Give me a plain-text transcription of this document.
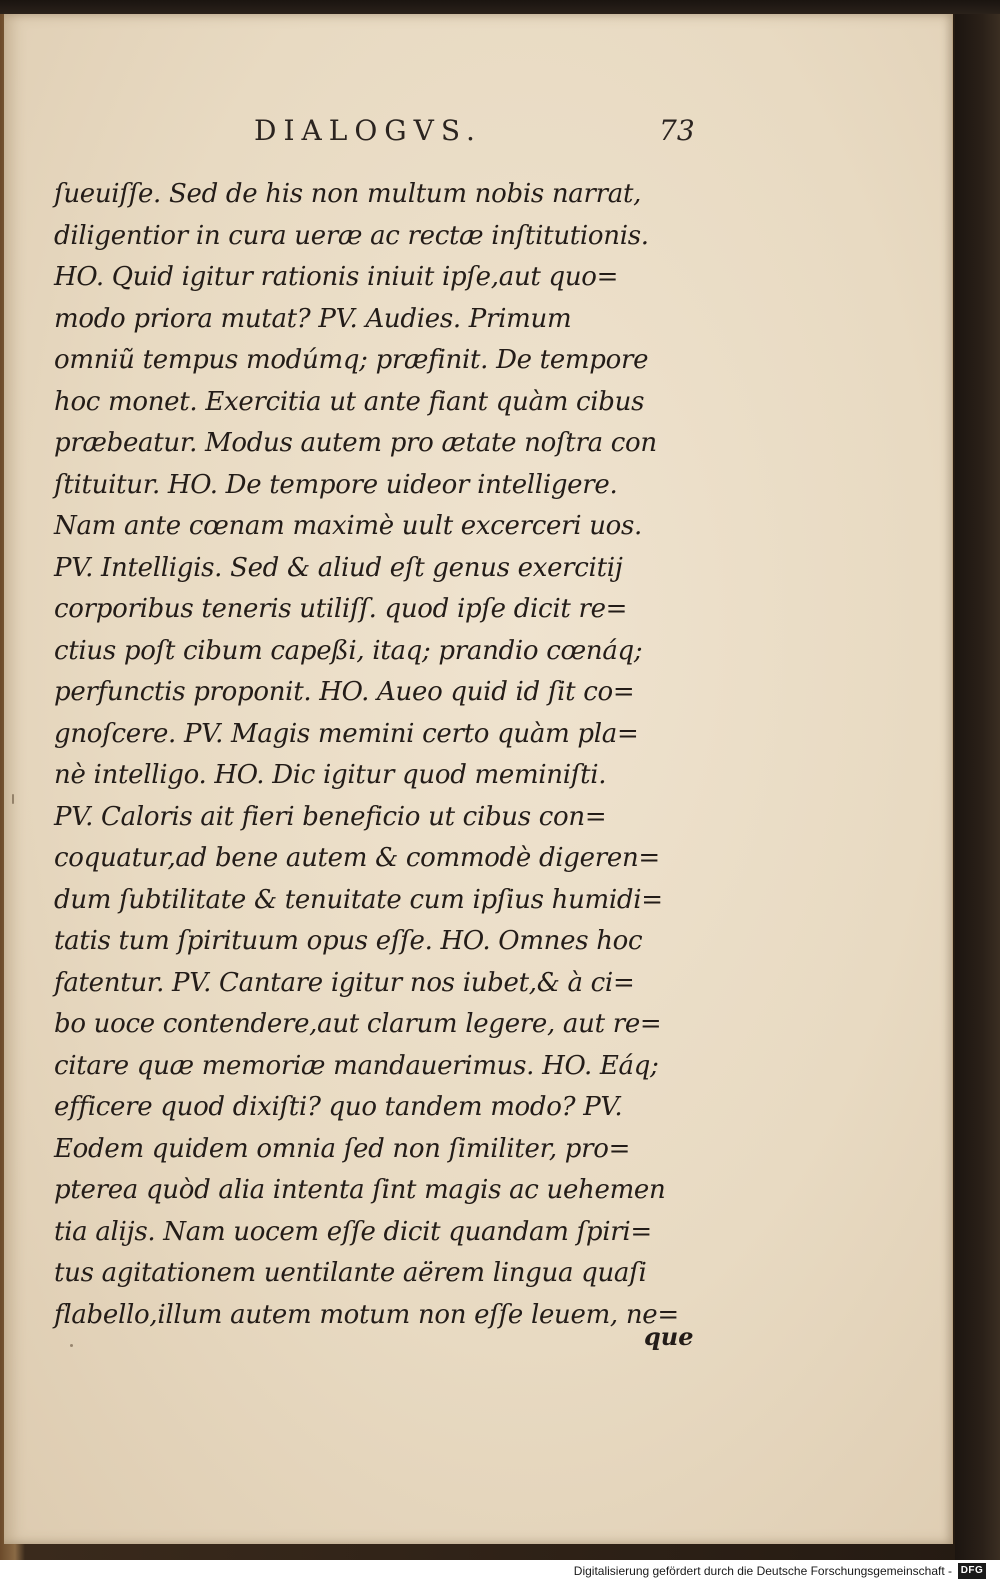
DIALOGVS.	73
ſueuiſſe. Sed de his non multum nobis narrat,
diligentior in cura ueræ ac rectæ inſtitutionis.
HO. Quid igitur rationis iniuit ipſe,aut quo=
modo priora mutat? PV. Audies. Primum
omniũ tempus modúmq; præfinit. De tempore
hoc monet. Exercitia ut ante fiant quàm cibus
præbeatur. Modus autem pro ætate noſtra con
ſtituitur. HO. De tempore uideor intelligere.
Nam ante cœnam maximè uult excerceri uos.
PV. Intelligis. Sed & aliud eſt genus exercitij
corporibus teneris utiliſſ. quod ipſe dicit re=
ctius poſt cibum capeßi, itaq; prandio cœnáq;
perfunctis proponit. HO. Aueo quid id ſit co=
gnoſcere. PV. Magis memini certo quàm pla=
nè intelligo. HO. Dic igitur quod meminiſti.
PV. Caloris ait fieri beneficio ut cibus con=
coquatur,ad bene autem & commodè digeren=
dum ſubtilitate & tenuitate cum ipſius humidi=
tatis tum ſpirituum opus eſſe. HO. Omnes hoc
fatentur. PV. Cantare igitur nos iubet,& à ci=
bo uoce contendere,aut clarum legere, aut re=
citare quæ memoriæ mandauerimus. HO. Eáq;
efficere quod dixiſti? quo tandem modo? PV.
Eodem quidem omnia ſed non ſimiliter, pro=
pterea quòd alia intenta ſint magis ac uehemen
tia alijs. Nam uocem eſſe dicit quandam ſpiri=
tus agitationem uentilante aërem lingua quaſi
flabello,illum autem motum non eſſe leuem, ne=
que
Digitalisierung gefördert durch die Deutsche Forschungsgemeinschaft - DFG
